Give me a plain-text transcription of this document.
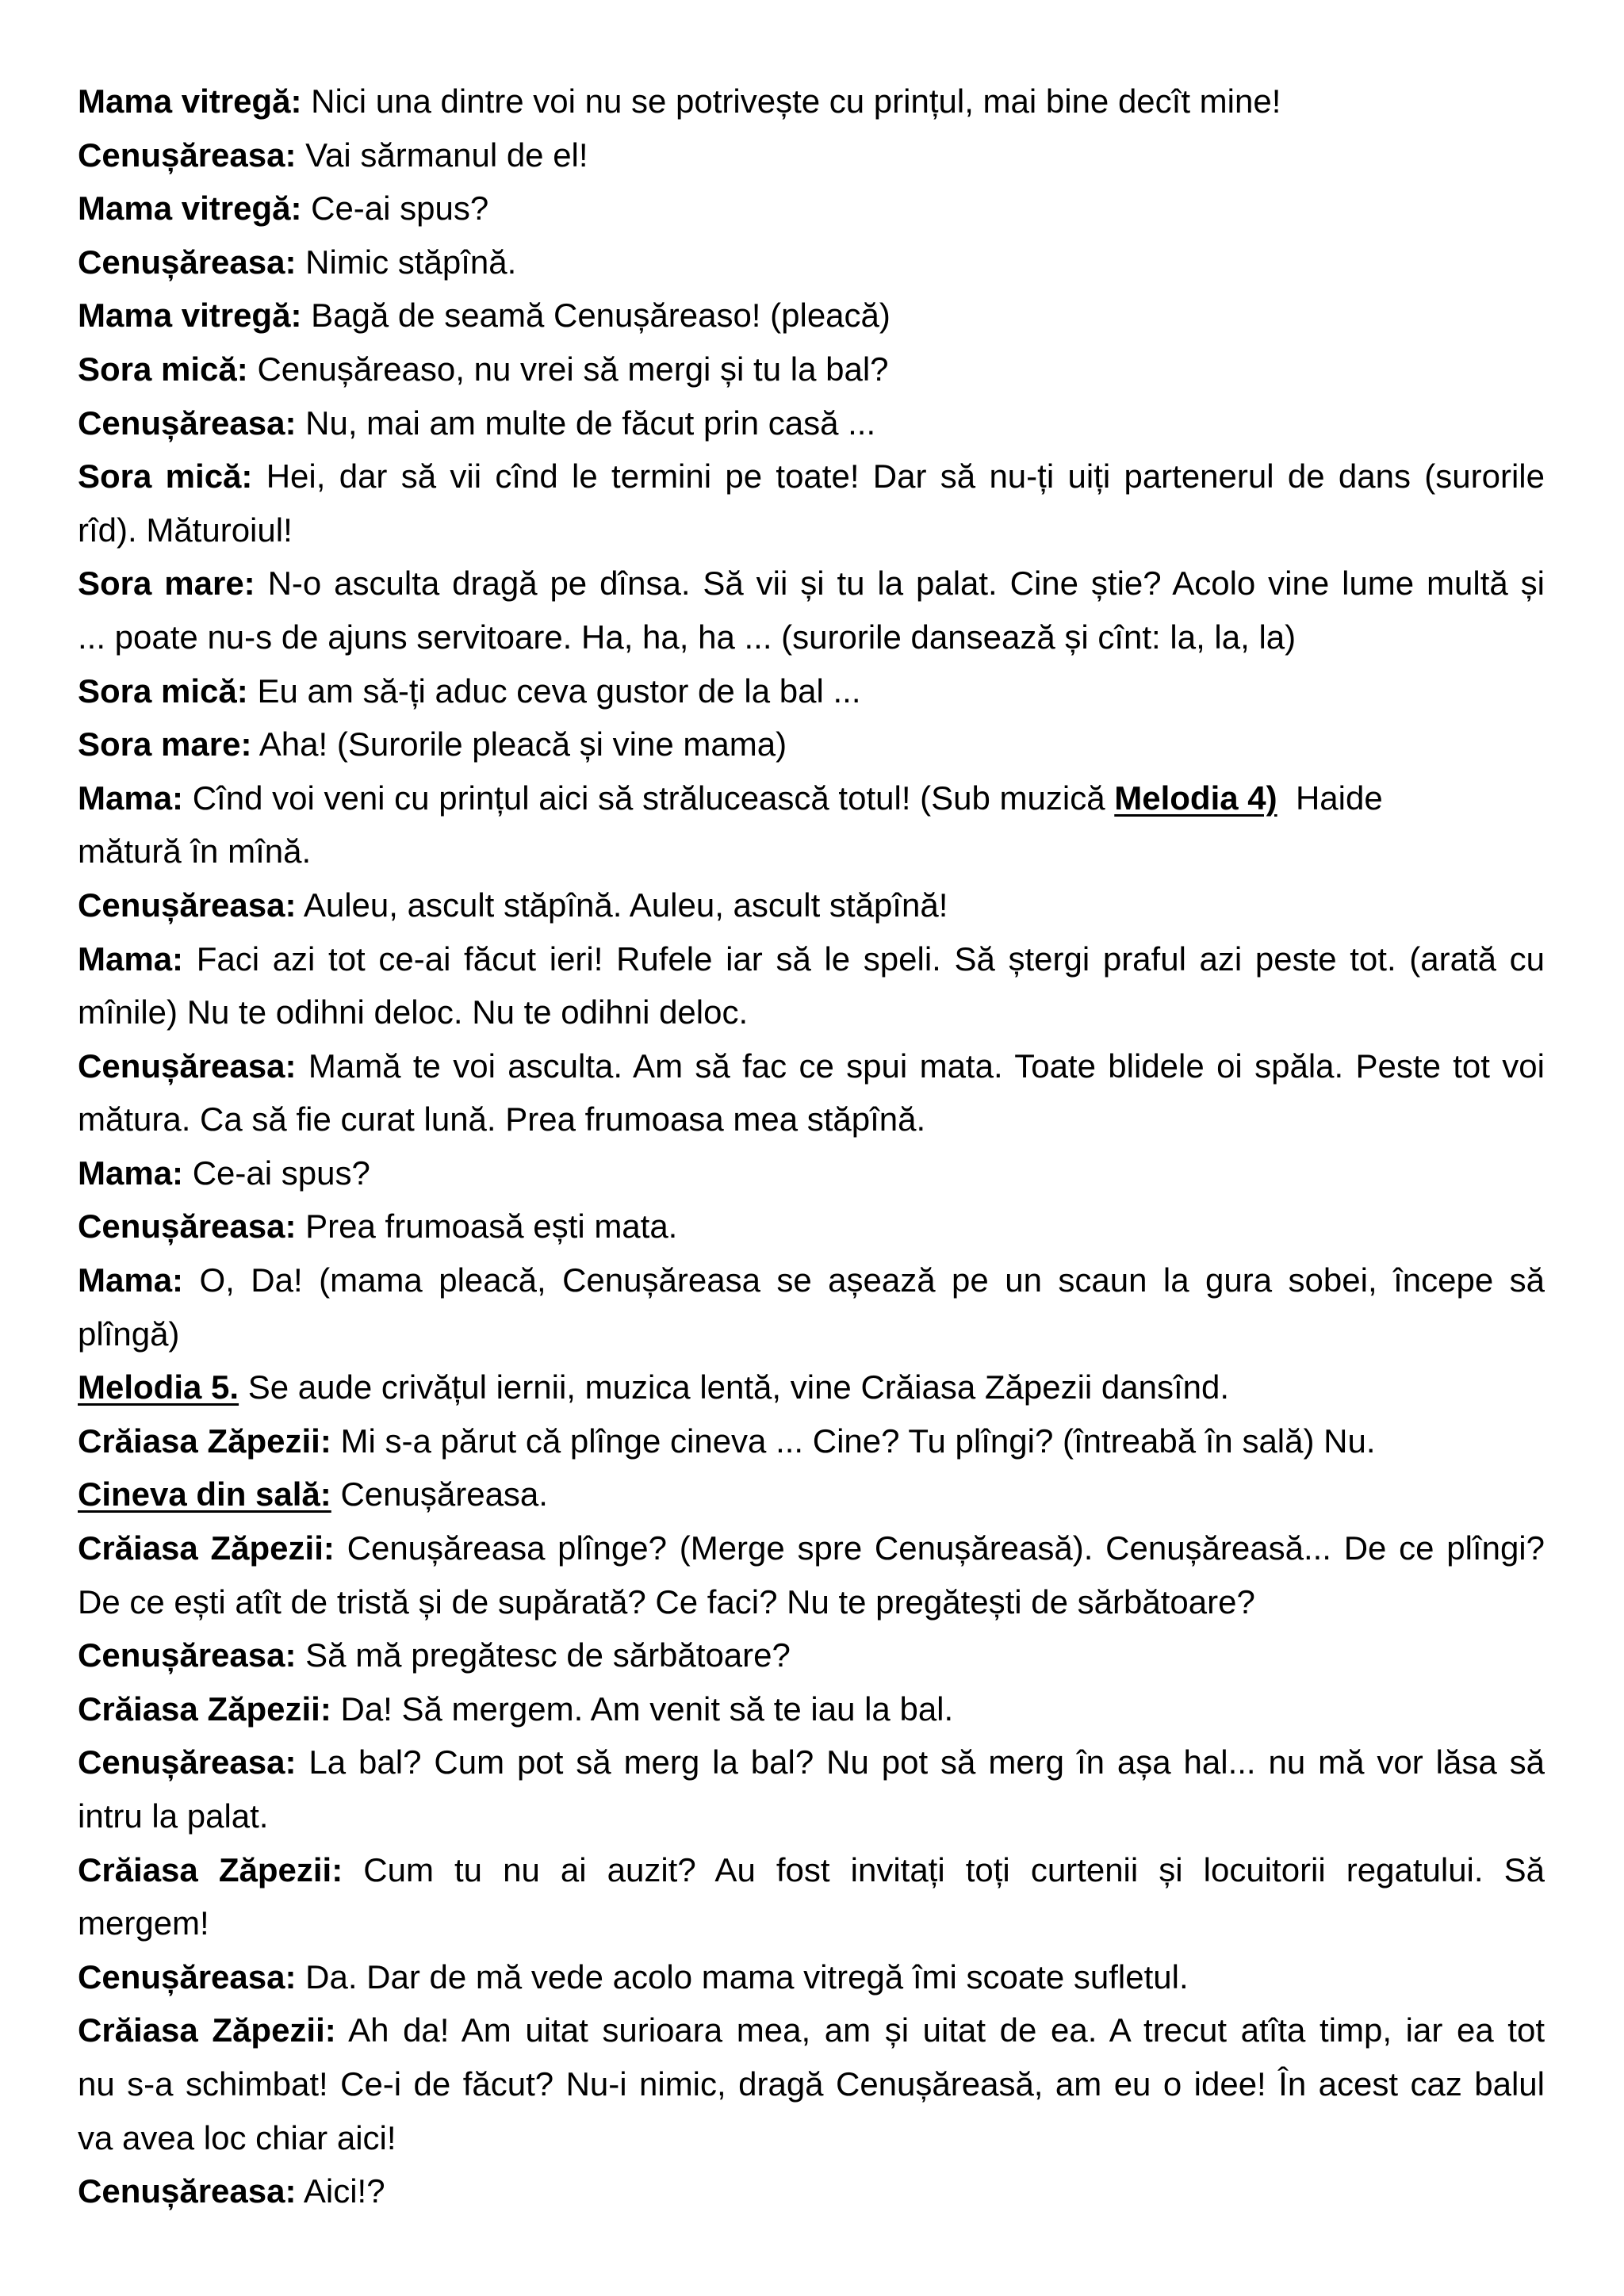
Mama vitregă: Nici una dintre voi nu se potrivește cu prințul, mai bine decît mine!
Cenușăreasa: Vai sărmanul de el!
Mama vitregă: Ce-ai spus?
Cenușăreasa: Nimic stăpînă.
Mama vitregă: Bagă de seamă Cenușăreaso! (pleacă)
Sora mică: Cenușăreaso, nu vrei să mergi și tu la bal?
Cenușăreasa: Nu, mai am multe de făcut prin casă ...
Sora mică: Hei, dar să vii cînd le termini pe toate! Dar să nu-ți uiți partenerul de dans (surorile
rîd). Măturoiul!
Sora mare: N-o asculta dragă pe dînsa. Să vii și tu la palat. Cine știe? Acolo vine lume multă și
... poate nu-s de ajuns servitoare. Ha, ha, ha ... (surorile dansează și cînt: la, la, la)
Sora mică: Eu am să-ți aduc ceva gustor de la bal ...
Sora mare: Aha! (Surorile pleacă și vine mama)
Mama: Cînd voi veni cu prințul aici să strălucească totul! (Sub muzică Melodia 4) Haide
mătură în mînă.
Cenușăreasa: Auleu, ascult stăpînă. Auleu, ascult stăpînă!
Mama: Faci azi tot ce-ai făcut ieri! Rufele iar să le speli. Să ștergi praful azi peste tot. (arată cu
mînile) Nu te odihni deloc. Nu te odihni deloc.
Cenușăreasa: Mamă te voi asculta. Am să fac ce spui mata. Toate blidele oi spăla. Peste tot voi
mătura. Ca să fie curat lună. Prea frumoasa mea stăpînă.
Mama: Ce-ai spus?
Cenușăreasa: Prea frumoasă ești mata.
Mama: O, Da! (mama pleacă, Cenușăreasa se așează pe un scaun la gura sobei, începe să
plîngă)
Melodia 5. Se aude crivățul iernii, muzica lentă, vine Crăiasa Zăpezii dansînd.
Crăiasa Zăpezii: Mi s-a părut că plînge cineva ... Cine? Tu plîngi? (întreabă în sală) Nu.
Cineva din sală: Cenușăreasa.
Crăiasa Zăpezii: Cenușăreasa plînge? (Merge spre Cenușăreasă). Cenușăreasă... De ce plîngi?
De ce ești atît de tristă și de supărată? Ce faci? Nu te pregătești de sărbătoare?
Cenușăreasa: Să mă pregătesc de sărbătoare?
Crăiasa Zăpezii: Da! Să mergem. Am venit să te iau la bal.
Cenușăreasa: La bal? Cum pot să merg la bal? Nu pot să merg în așa hal... nu mă vor lăsa să
intru la palat.
Crăiasa Zăpezii: Cum tu nu ai auzit? Au fost invitați toți curtenii și locuitorii regatului. Să
mergem!
Cenușăreasa: Da. Dar de mă vede acolo mama vitregă îmi scoate sufletul.
Crăiasa Zăpezii: Ah da! Am uitat surioara mea, am și uitat de ea. A trecut atîta timp, iar ea tot
nu s-a schimbat! Ce-i de făcut? Nu-i nimic, dragă Cenușăreasă, am eu o idee! În acest caz balul
va avea loc chiar aici!
Cenușăreasa: Aici!?
